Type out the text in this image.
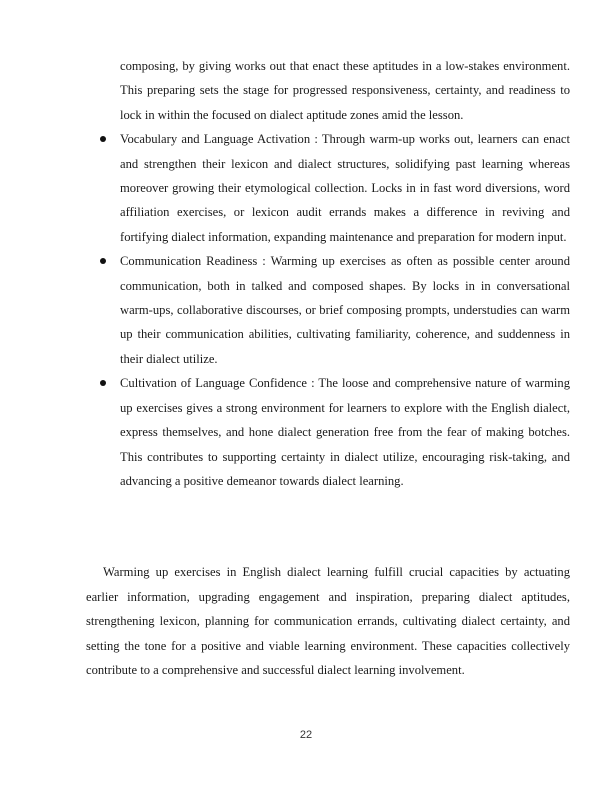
composing, by giving works out that enact these aptitudes in a low-stakes environment. This preparing sets the stage for progressed responsiveness, certainty, and readiness to lock in within the focused on dialect aptitude zones amid the lesson.
Vocabulary and Language Activation : Through warm-up works out, learners can enact and strengthen their lexicon and dialect structures, solidifying past learning whereas moreover growing their etymological collection. Locks in in fast word diversions, word affiliation exercises, or lexicon audit errands makes a difference in reviving and fortifying dialect information, expanding maintenance and preparation for modern input.
Communication Readiness : Warming up exercises as often as possible center around communication, both in talked and composed shapes. By locks in in conversational warm-ups, collaborative discourses, or brief composing prompts, understudies can warm up their communication abilities, cultivating familiarity, coherence, and suddenness in their dialect utilize.
Cultivation of Language Confidence : The loose and comprehensive nature of warming up exercises gives a strong environment for learners to explore with the English dialect, express themselves, and hone dialect generation free from the fear of making botches. This contributes to supporting certainty in dialect utilize, encouraging risk-taking, and advancing a positive demeanor towards dialect learning.

Warming up exercises in English dialect learning fulfill crucial capacities by actuating earlier information, upgrading engagement and inspiration, preparing dialect aptitudes, strengthening lexicon, planning for communication errands, cultivating dialect certainty, and setting the tone for a positive and viable learning environment. These capacities collectively contribute to a comprehensive and successful dialect learning involvement.

22
